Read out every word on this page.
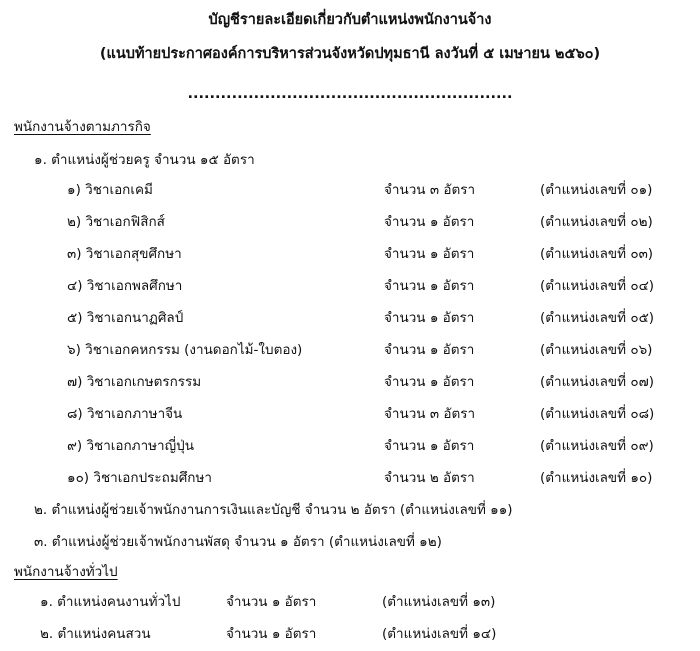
บัญชีรายละเอียดเกี่ยวกับตำแหน่งพนักงานจ้าง
(แนบท้ายประกาศองค์การบริหารส่วนจังหวัดปทุมธานี ลงวันที่ ๕ เมษายน ๒๕๖๐)
...........................................................
พนักงานจ้างตามภารกิจ
๑. ตำแหน่งผู้ช่วยครู จำนวน ๑๕ อัตรา
๑) วิชาเอกเคมี	จำนวน ๓ อัตรา	(ตำแหน่งเลขที่ ๐๑)
๒) วิชาเอกฟิสิกส์	จำนวน ๑ อัตรา	(ตำแหน่งเลขที่ ๐๒)
๓) วิชาเอกสุขศึกษา	จำนวน ๑ อัตรา	(ตำแหน่งเลขที่ ๐๓)
๔) วิชาเอกพลศึกษา	จำนวน ๑ อัตรา	(ตำแหน่งเลขที่ ๐๔)
๕) วิชาเอกนาฏศิลป์	จำนวน ๑ อัตรา	(ตำแหน่งเลขที่ ๐๕)
๖) วิชาเอกคหกรรม (งานดอกไม้-ใบตอง)	จำนวน ๑ อัตรา	(ตำแหน่งเลขที่ ๐๖)
๗) วิชาเอกเกษตรกรรม	จำนวน ๑ อัตรา	(ตำแหน่งเลขที่ ๐๗)
๘) วิชาเอกภาษาจีน	จำนวน ๓ อัตรา	(ตำแหน่งเลขที่ ๐๘)
๙) วิชาเอกภาษาญี่ปุ่น	จำนวน ๑ อัตรา	(ตำแหน่งเลขที่ ๐๙)
๑๐) วิชาเอกประถมศึกษา	จำนวน ๒ อัตรา	(ตำแหน่งเลขที่ ๑๐)
๒. ตำแหน่งผู้ช่วยเจ้าพนักงานการเงินและบัญชี จำนวน ๒ อัตรา (ตำแหน่งเลขที่ ๑๑)
๓. ตำแหน่งผู้ช่วยเจ้าพนักงานพัสดุ จำนวน ๑ อัตรา (ตำแหน่งเลขที่ ๑๒)
พนักงานจ้างทั่วไป
๑. ตำแหน่งคนงานทั่วไป	จำนวน ๑ อัตรา	(ตำแหน่งเลขที่ ๑๓)
๒. ตำแหน่งคนสวน	จำนวน ๑ อัตรา	(ตำแหน่งเลขที่ ๑๔)
